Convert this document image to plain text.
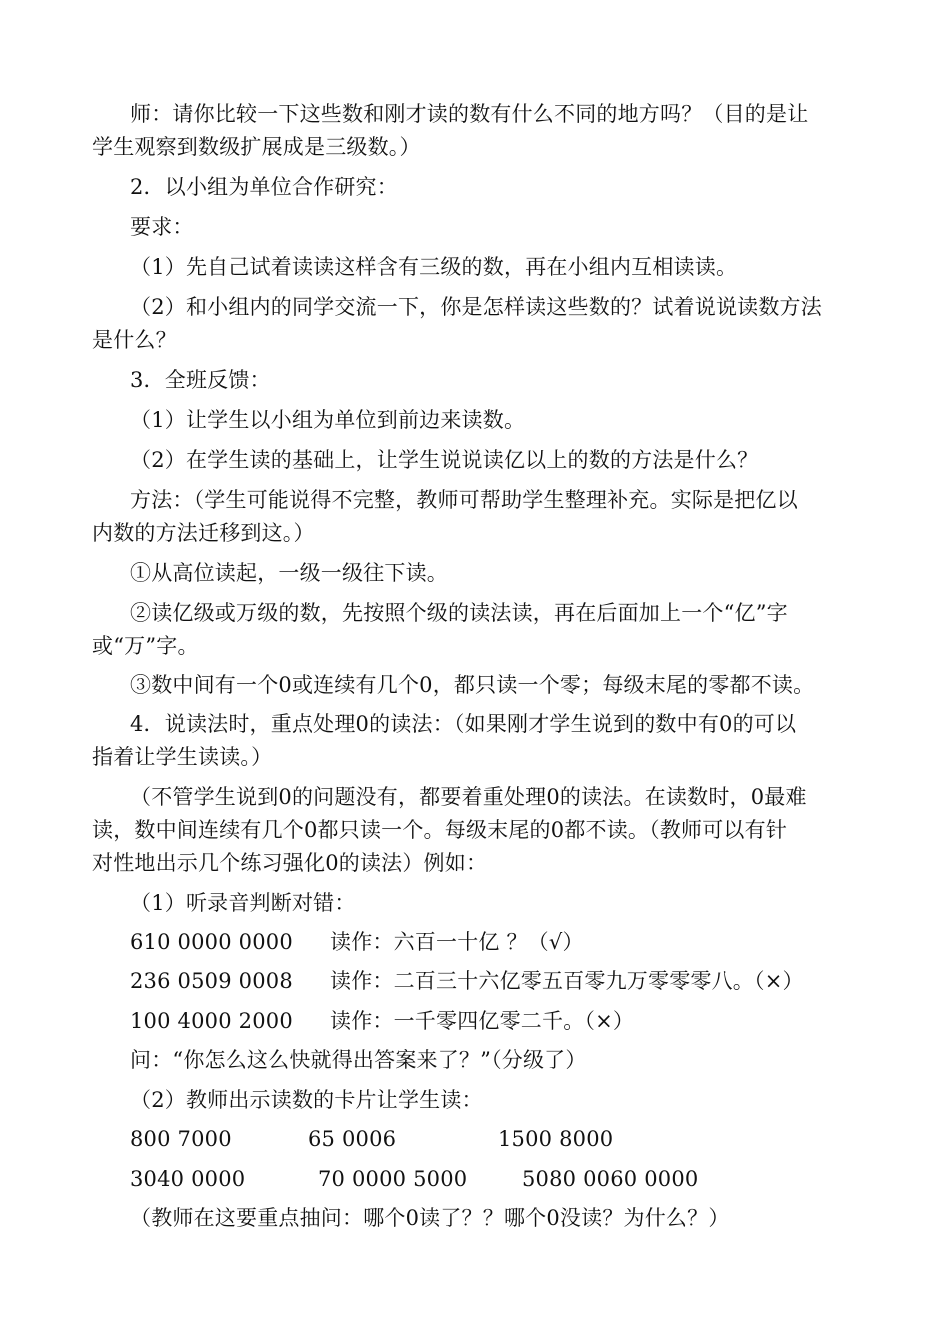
师：请你比较一下这些数和刚才读的数有什么不同的地方吗？（目的是让
学生观察到数级扩展成是三级数。）
2．以小组为单位合作研究：
要求：
（1）先自己试着读读这样含有三级的数，再在小组内互相读读。
（2）和小组内的同学交流一下，你是怎样读这些数的？试着说说读数方法
是什么？
3．全班反馈：
（1）让学生以小组为单位到前边来读数。
（2）在学生读的基础上，让学生说说读亿以上的数的方法是什么？
方法：（学生可能说得不完整，教师可帮助学生整理补充。实际是把亿以
内数的方法迁移到这。）
①从高位读起，一级一级往下读。
②读亿级或万级的数，先按照个级的读法读，再在后面加上一个“亿”字
或“万”字。
③数中间有一个0或连续有几个0，都只读一个零；每级末尾的零都不读。
4．说读法时，重点处理0的读法：（如果刚才学生说到的数中有0的可以
指着让学生读读。）
（不管学生说到0的问题没有，都要着重处理0的读法。在读数时，0最难
读，数中间连续有几个0都只读一个。每级末尾的0都不读。（教师可以有针
对性地出示几个练习强化0的读法）例如：
（1）听录音判断对错：
610 0000 0000 读作：六百一十亿 ？（√）
236 0509 0008 读作：二百三十六亿零五百零九万零零零八。（×）
100 4000 2000 读作：一千零四亿零二千。（×）
问：“你怎么这么快就得出答案来了？”（分级了）
（2）教师出示读数的卡片让学生读：
800 7000	65 0006	1500 8000
3040 0000	70 0000 5000	5080 0060 0000
（教师在这要重点抽问：哪个0读了？？哪个0没读？为什么？）
